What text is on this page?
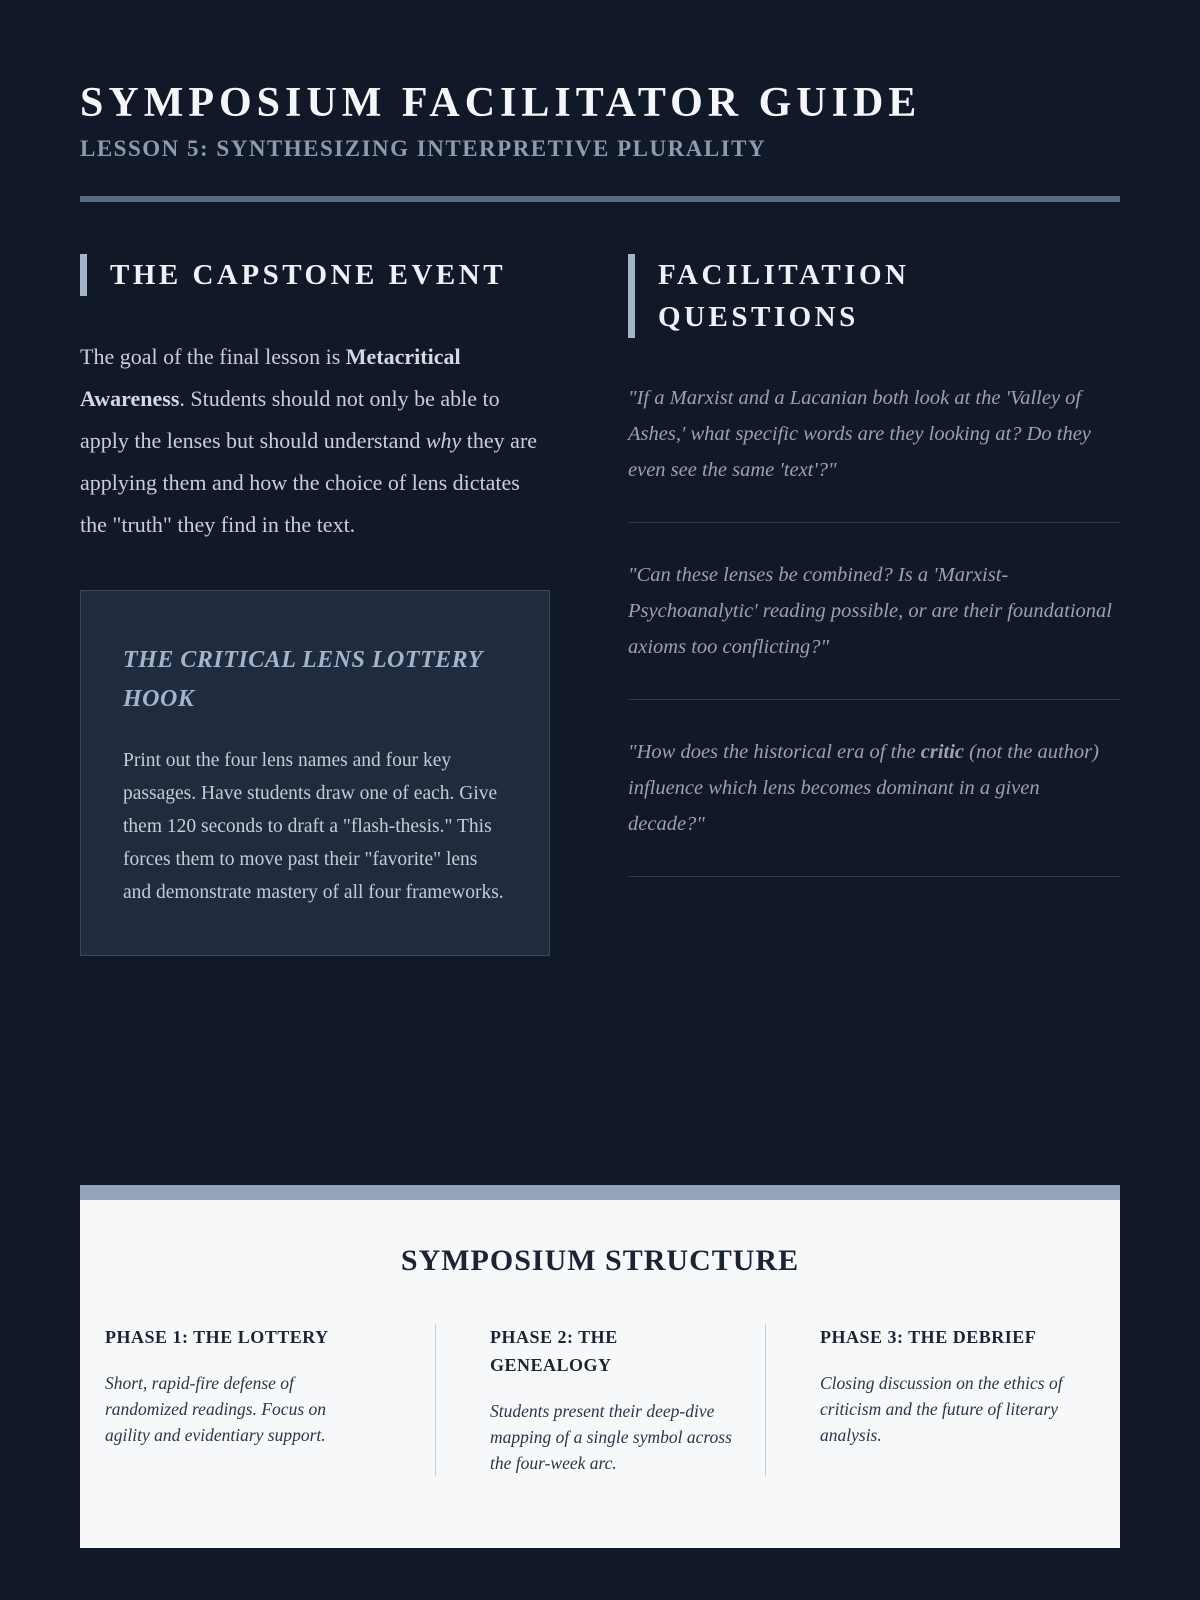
SYMPOSIUM FACILITATOR GUIDE
LESSON 5: SYNTHESIZING INTERPRETIVE PLURALITY
THE CAPSTONE EVENT

The goal of the final lesson is Metacritical Awareness. Students should not only be able to apply the lenses but should understand why they are applying them and how the choice of lens dictates the "truth" they find in the text.

THE CRITICAL LENS LOTTERY HOOK
Print out the four lens names and four key passages. Have students draw one of each. Give them 120 seconds to draft a "flash-thesis." This forces them to move past their "favorite" lens and demonstrate mastery of all four frameworks.
FACILITATION QUESTIONS

"If a Marxist and a Lacanian both look at the 'Valley of Ashes,' what specific words are they looking at? Do they even see the same 'text'?"

"Can these lenses be combined? Is a 'Marxist-Psychoanalytic' reading possible, or are their foundational axioms too conflicting?"

"How does the historical era of the critic (not the author) influence which lens becomes dominant in a given decade?"

SYMPOSIUM STRUCTURE
PHASE 1: THE LOTTERY
Short, rapid-fire defense of randomized readings. Focus on agility and evidentiary support.
PHASE 2: THE GENEALOGY
Students present their deep-dive mapping of a single symbol across the four-week arc.
PHASE 3: THE DEBRIEF
Closing discussion on the ethics of criticism and the future of literary analysis.
